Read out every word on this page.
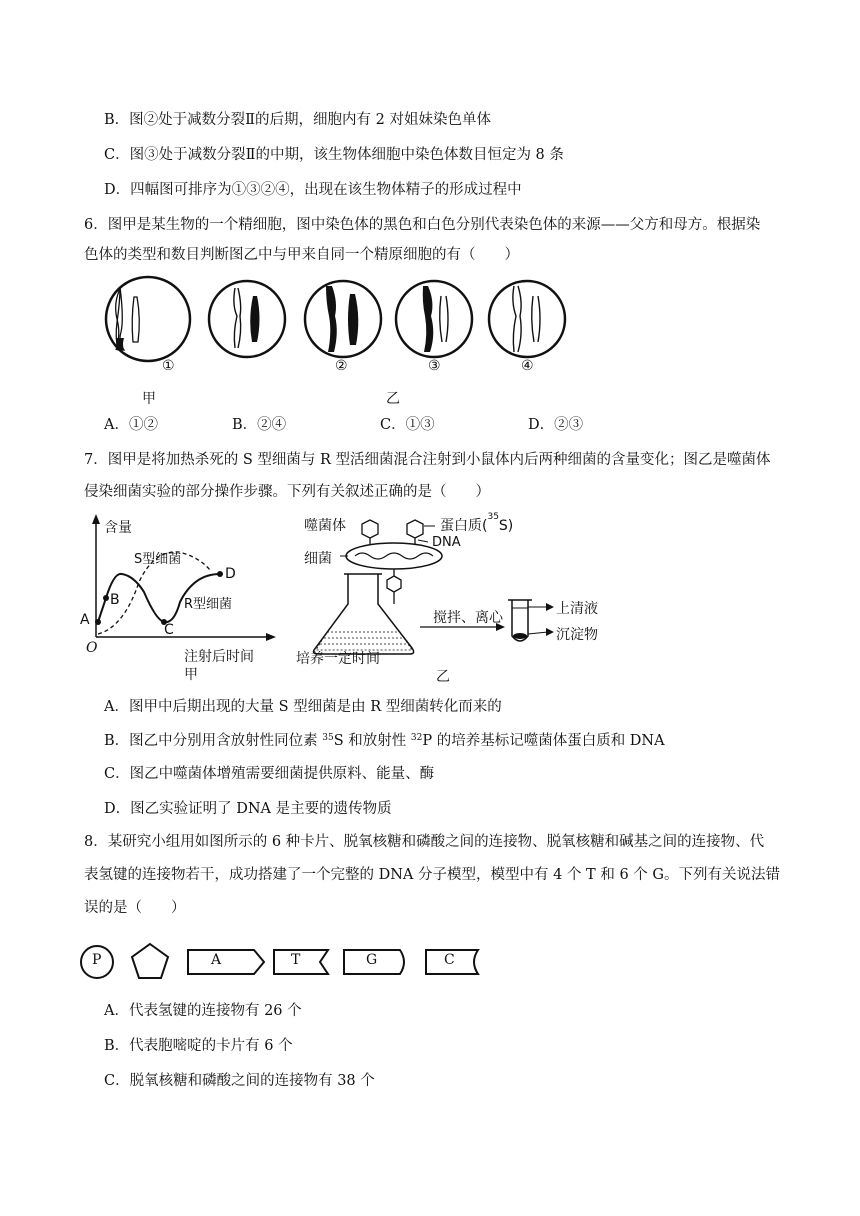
B．图②处于减数分裂Ⅱ的后期，细胞内有 2 对姐妹染色单体
C．图③处于减数分裂Ⅱ的中期，该生物体细胞中染色体数目恒定为 8 条
D．四幅图可排序为①③②④，出现在该生物体精子的形成过程中
6．图甲是某生物的一个精细胞，图中染色体的黑色和白色分别代表染色体的来源——父方和母方。根据染
色体的类型和数目判断图乙中与甲来自同一个精原细胞的有（　　）
①	②	③	④
甲	乙
A．①②	B．②④	C．①③	D．②③
7．图甲是将加热杀死的 S 型细菌与 R 型活细菌混合注射到小鼠体内后两种细菌的含量变化；图乙是噬菌体
侵染细菌实验的部分操作步骤。下列有关叙述正确的是（　　）
含量
S型细菌
R型细菌
A
B
C
D
O
注射后时间
甲
噬菌体	蛋白质($^{35}$S)
DNA
细菌
搅拌、离心
上清液
沉淀物
培养一定时间
乙
A．图甲中后期出现的大量 S 型细菌是由 R 型细菌转化而来的
B．图乙中分别用含放射性同位素 $^{35}$S 和放射性 $^{32}$P 的培养基标记噬菌体蛋白质和 DNA
C．图乙中噬菌体增殖需要细菌提供原料、能量、酶
D．图乙实验证明了 DNA 是主要的遗传物质
8．某研究小组用如图所示的 6 种卡片、脱氧核糖和磷酸之间的连接物、脱氧核糖和碱基之间的连接物、代
表氢键的连接物若干，成功搭建了一个完整的 DNA 分子模型，模型中有 4 个 T 和 6 个 G。下列有关说法错
误的是（　　）
P	A	T	G	C
A．代表氢键的连接物有 26 个
B．代表胞嘧啶的卡片有 6 个
C．脱氧核糖和磷酸之间的连接物有 38 个
